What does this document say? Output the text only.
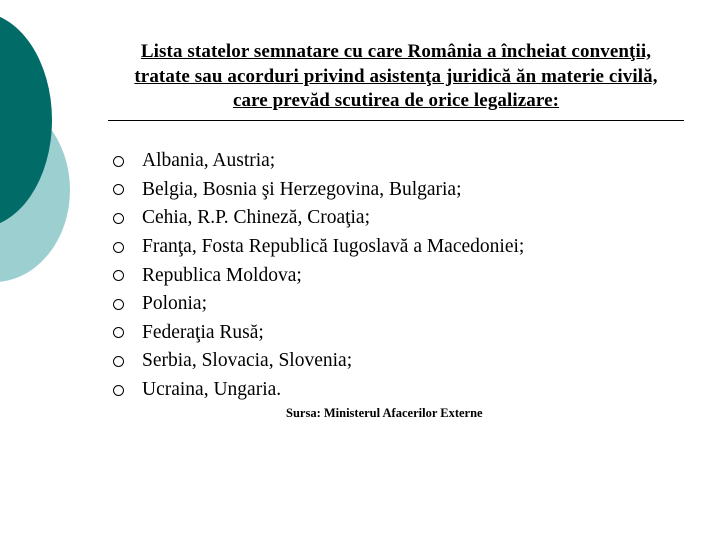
Lista statelor semnatare cu care România a încheiat convenţii,
tratate sau acorduri privind asistenţa juridică ăn materie civilă,
care prevăd scutirea de orice legalizare:
Albania, Austria;
Belgia, Bosnia şi Herzegovina, Bulgaria;
Cehia, R.P. Chineză, Croaţia;
Franţa, Fosta Republică Iugoslavă a Macedoniei;
Republica Moldova;
Polonia;
Federaţia Rusă;
Serbia, Slovacia, Slovenia;
Ucraina, Ungaria.
Sursa: Ministerul Afacerilor Externe
